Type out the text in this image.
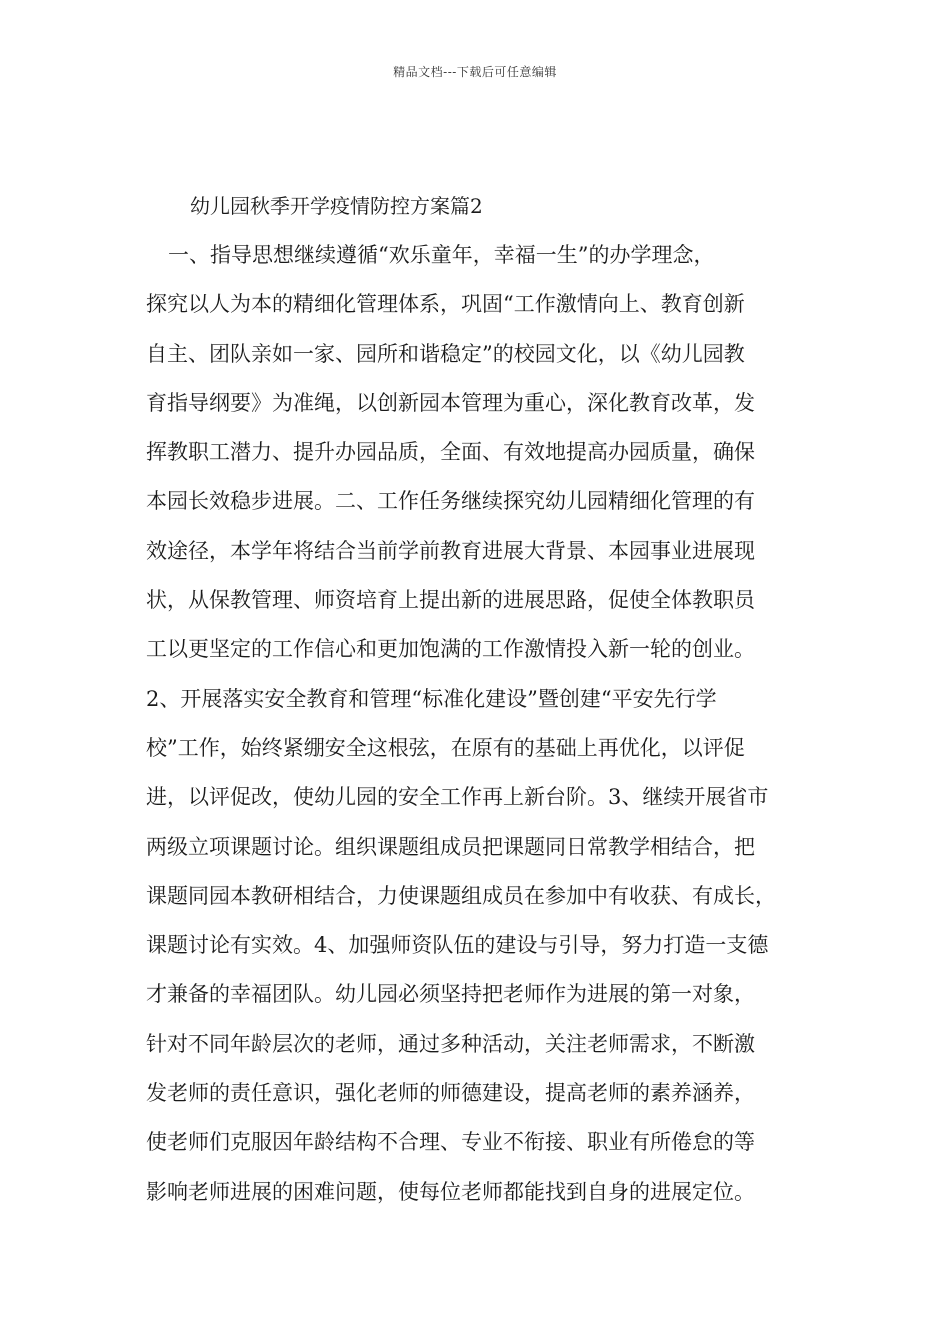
精品文档---下载后可任意编辑
幼儿园秋季开学疫情防控方案篇2
一、指导思想继续遵循“欢乐童年，幸福一生”的办学理念，
探究以人为本的精细化管理体系，巩固“工作激情向上、教育创新
自主、团队亲如一家、园所和谐稳定”的校园文化，以《幼儿园教
育指导纲要》为准绳，以创新园本管理为重心，深化教育改革，发
挥教职工潜力、提升办园品质，全面、有效地提高办园质量，确保
本园长效稳步进展。二、工作任务继续探究幼儿园精细化管理的有
效途径，本学年将结合当前学前教育进展大背景、本园事业进展现
状，从保教管理、师资培育上提出新的进展思路，促使全体教职员
工以更坚定的工作信心和更加饱满的工作激情投入新一轮的创业。
2、开展落实安全教育和管理“标准化建设”暨创建“平安先行学
校”工作，始终紧绷安全这根弦，在原有的基础上再优化，以评促
进，以评促改，使幼儿园的安全工作再上新台阶。3、继续开展省市
两级立项课题讨论。组织课题组成员把课题同日常教学相结合，把
课题同园本教研相结合，力使课题组成员在参加中有收获、有成长，
课题讨论有实效。4、加强师资队伍的建设与引导，努力打造一支德
才兼备的幸福团队。幼儿园必须坚持把老师作为进展的第一对象，
针对不同年龄层次的老师，通过多种活动，关注老师需求，不断激
发老师的责任意识，强化老师的师德建设，提高老师的素养涵养，
使老师们克服因年龄结构不合理、专业不衔接、职业有所倦怠的等
影响老师进展的困难问题，使每位老师都能找到自身的进展定位。
